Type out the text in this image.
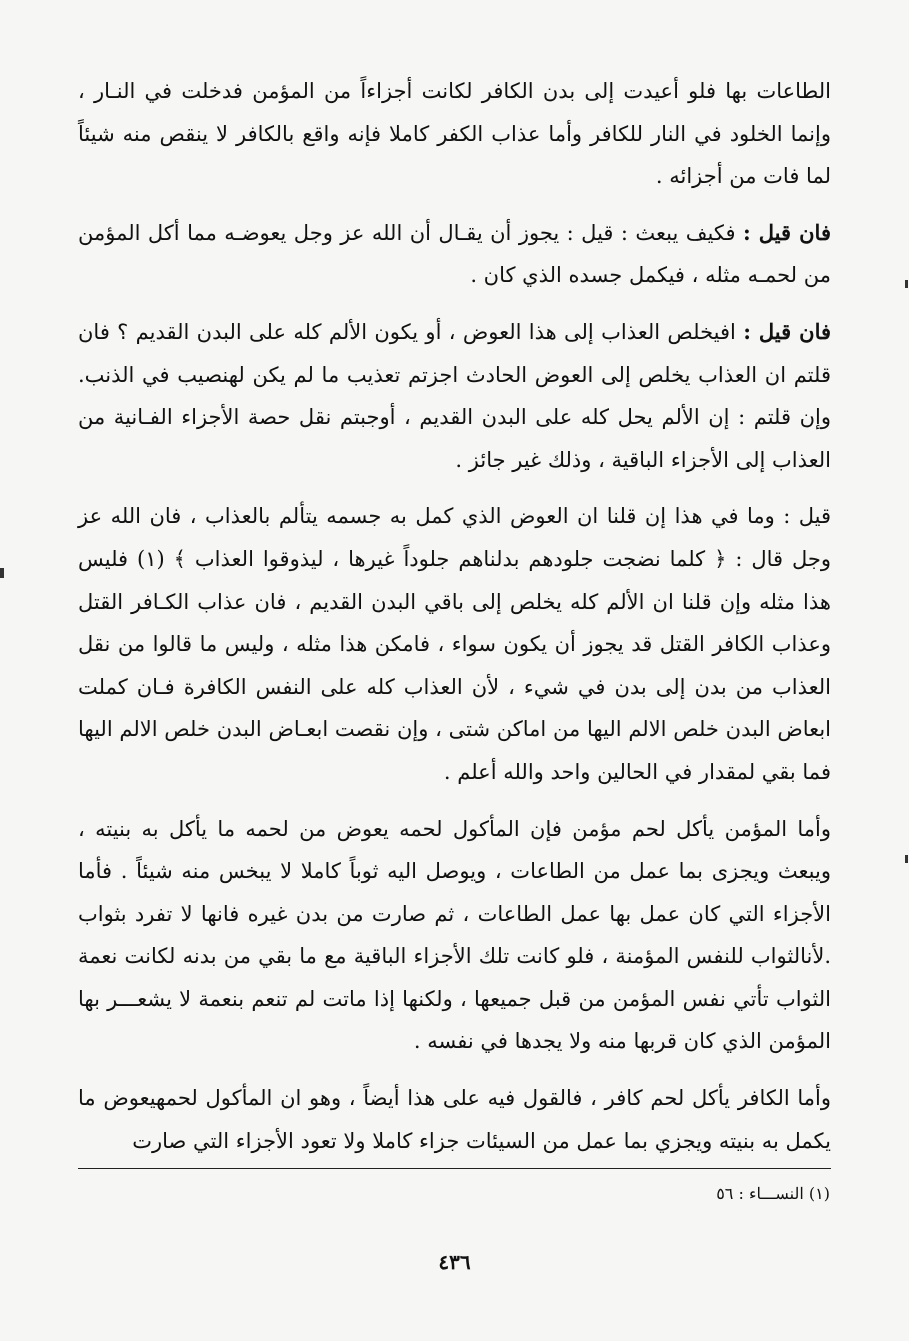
الطاعات بها فلو أعيدت إلى بدن الكافر لكانت أجزاءاً من المؤمن فدخلت في النـار ، وإنما الخلود في النار للكافر وأما عذاب الكفر كاملا فإنه واقع بالكافر لا ينقص منه شيئاً لما فات من أجزائه .

فان قيل : فكيف يبعث : قيل : يجوز أن يقـال أن الله عز وجل يعوضـه مما أكل المؤمن من لحمـه مثله ، فيكمل جسده الذي كان .

فان قيل : افيخلص العذاب إلى هذا العوض ، أو يكون الألم كله على البدن القديم ؟ فان قلتم ان العذاب يخلص إلى العوض الحادث اجزتم تعذيب ما لم يكن لهنصيب في الذنب. وإن قلتم : إن الألم يحل كله على البدن القديم ، أوجبتم نقل حصة الأجزاء الفـانية من العذاب إلى الأجزاء الباقية ، وذلك غير جائز .

قيل : وما في هذا إن قلنا ان العوض الذي كمل به جسمه يتألم بالعذاب ، فان الله عز وجل قال : ﴿ كلما نضجت جلودهم بدلناهم جلوداً غيرها ، ليذوقوا العذاب ﴾ (١) فليس هذا مثله وإن قلنا ان الألم كله يخلص إلى باقي البدن القديم ، فان عذاب الكـافر القتل وعذاب الكافر القتل قد يجوز أن يكون سواء ، فامكن هذا مثله ، وليس ما قالوا من نقل العذاب من بدن إلى بدن في شيء ، لأن العذاب كله على النفس الكافرة فـان كملت ابعاض البدن خلص الالم اليها من اماكن شتى ، وإن نقصت ابعـاض البدن خلص الالم اليها فما بقي لمقدار في الحالين واحد والله أعلم .

وأما المؤمن يأكل لحم مؤمن فإن المأكول لحمه يعوض من لحمه ما يأكل به بنيته ، ويبعث ويجزى بما عمل من الطاعات ، ويوصل اليه ثوباً كاملا لا يبخس منه شيئاً . فأما الأجزاء التي كان عمل بها عمل الطاعات ، ثم صارت من بدن غيره فانها لا تفرد بثواب .لأنالثواب للنفس المؤمنة ، فلو كانت تلك الأجزاء الباقية مع ما بقي من بدنه لكانت نعمة الثواب تأتي نفس المؤمن من قبل جميعها ، ولكنها إذا ماتت لم تنعم بنعمة لا يشعـــر بها المؤمن الذي كان قربها منه ولا يجدها في نفسه .

وأما الكافر يأكل لحم كافر ، فالقول فيه على هذا أيضاً ، وهو ان المأكول لحمهيعوض ما يكمل به بنيته ويجزي بما عمل من السيئات جزاء كاملا ولا تعود الأجزاء التي صارت

(١) النســـاء : ٥٦
٤٣٦
